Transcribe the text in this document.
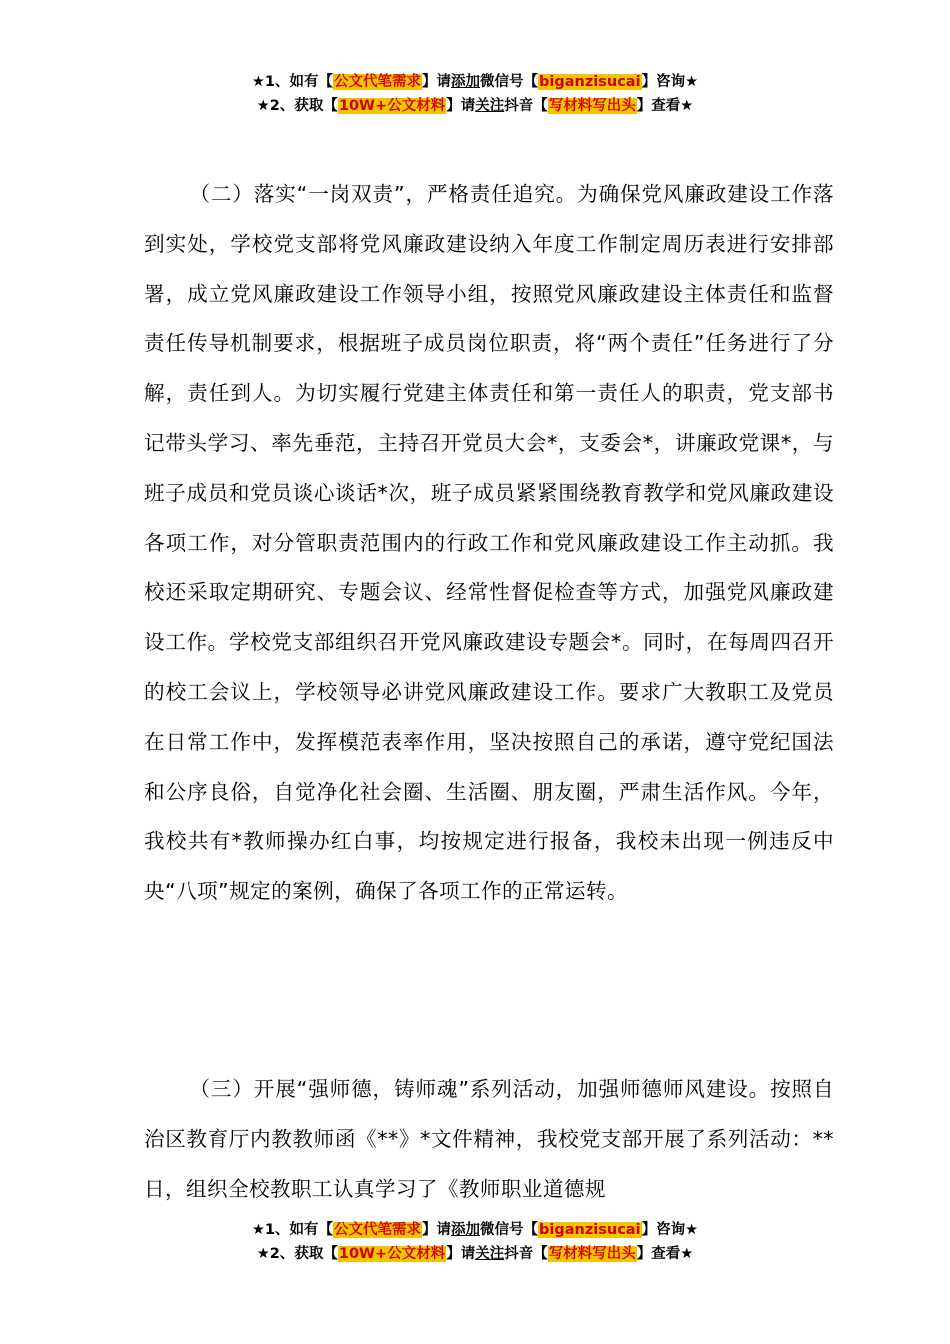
★1、如有【公文代笔需求】请添加微信号【biganzisucai】咨询★
★2、获取【10W+公文材料】请关注抖音【写材料写出头】查看★
（二）落实“一岗双责”，严格责任追究。为确保党风廉政建设工作落到实处，学校党支部将党风廉政建设纳入年度工作制定周历表进行安排部署，成立党风廉政建设工作领导小组，按照党风廉政建设主体责任和监督责任传导机制要求，根据班子成员岗位职责，将“两个责任”任务进行了分解，责任到人。为切实履行党建主体责任和第一责任人的职责，党支部书记带头学习、率先垂范，主持召开党员大会*，支委会*，讲廉政党课*，与班子成员和党员谈心谈话*次，班子成员紧紧围绕教育教学和党风廉政建设各项工作，对分管职责范围内的行政工作和党风廉政建设工作主动抓。我校还采取定期研究、专题会议、经常性督促检查等方式，加强党风廉政建设工作。学校党支部组织召开党风廉政建设专题会*。同时，在每周四召开的校工会议上，学校领导必讲党风廉政建设工作。要求广大教职工及党员在日常工作中，发挥模范表率作用，坚决按照自己的承诺，遵守党纪国法和公序良俗，自觉净化社会圈、生活圈、朋友圈，严肃生活作风。今年，我校共有*教师操办红白事，均按规定进行报备，我校未出现一例违反中央“八项”规定的案例，确保了各项工作的正常运转。
（三）开展“强师德，铸师魂”系列活动，加强师德师风建设。按照自治区教育厅内教教师函《**》*文件精神，我校党支部开展了系列活动：**日，组织全校教职工认真学习了《教师职业道德规
★1、如有【公文代笔需求】请添加微信号【biganzisucai】咨询★
★2、获取【10W+公文材料】请关注抖音【写材料写出头】查看★
